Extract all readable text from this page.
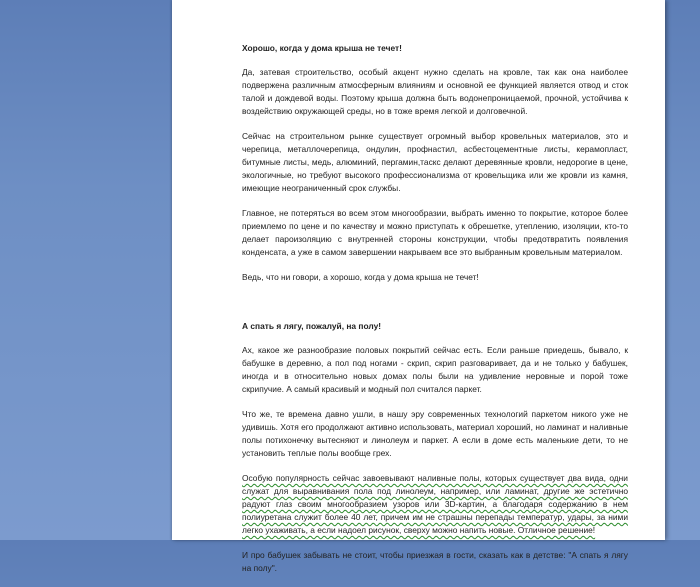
Хорошо, когда у дома крыша не течет!
Да, затевая строительство, особый акцент нужно сделать на кровле, так как она наиболее подвержена различным атмосферным влияниям и основной ее функцией является отвод и сток талой и дождевой воды. Поэтому крыша должна быть водонепроницаемой, прочной, устойчива к воздействию окружающей среды, но в тоже время легкой и долговечной.
Сейчас на строительном рынке существует огромный выбор кровельных материалов, это и черепица, металлочерепица, ондулин, профнастил, асбестоцементные листы, керамопласт, битумные листы, медь, алюминий, пергамин,таскс делают деревянные кровли, недорогие в цене, экологичные, но требуют высокого профессионализма от кровельщика или же кровли из камня, имеющие неограниченный срок службы.
Главное, не потеряться во всем этом многообразии, выбрать именно то покрытие, которое более приемлемо по цене и по качеству и можно приступать к обрешетке, утеплению, изоляции, кто-то делает пароизоляцию с внутренней стороны конструкции, чтобы предотвратить появления конденсата, а уже в самом завершении накрываем все это выбранным кровельным материалом.
Ведь, что ни говори, а хорошо, когда у дома крыша не течет!
А спать я лягу, пожалуй, на полу!
Ах, какое же разнообразие половых покрытий сейчас есть. Если раньше приедешь, бывало, к бабушке в деревню, а пол под ногами - скрип, скрип разговаривает, да и не только у бабушек, иногда и в относительно новых домах полы были на удивление неровные и порой тоже скрипучие. А самый красивый и модный пол считался паркет.
Что же, те времена давно ушли, в нашу эру современных технологий паркетом никого уже не удивишь. Хотя его продолжают активно использовать, материал хороший, но ламинат и наливные полы потихонечку вытесняют и линолеум и паркет. А если в доме есть маленькие дети, то не установить теплые полы вообще грех.
Особую популярность сейчас завоевывают наливные полы, которых существует два вида, одни служат для выравнивания пола под линолеум, например, или ламинат, другие же эстетично радуют глаз своим многообразием узоров или 3D-картин, а благодаря содержанию в нем полиуретана служит более 40 лет, причем им не страшны перепады температур, удары, за ними легко ухаживать, а если надоел рисунок, сверху можно напить новые. Отличное решение!
И про бабушек забывать не стоит, чтобы приезжая в гости, сказать как в детстве: "А спать я лягу на полу".
